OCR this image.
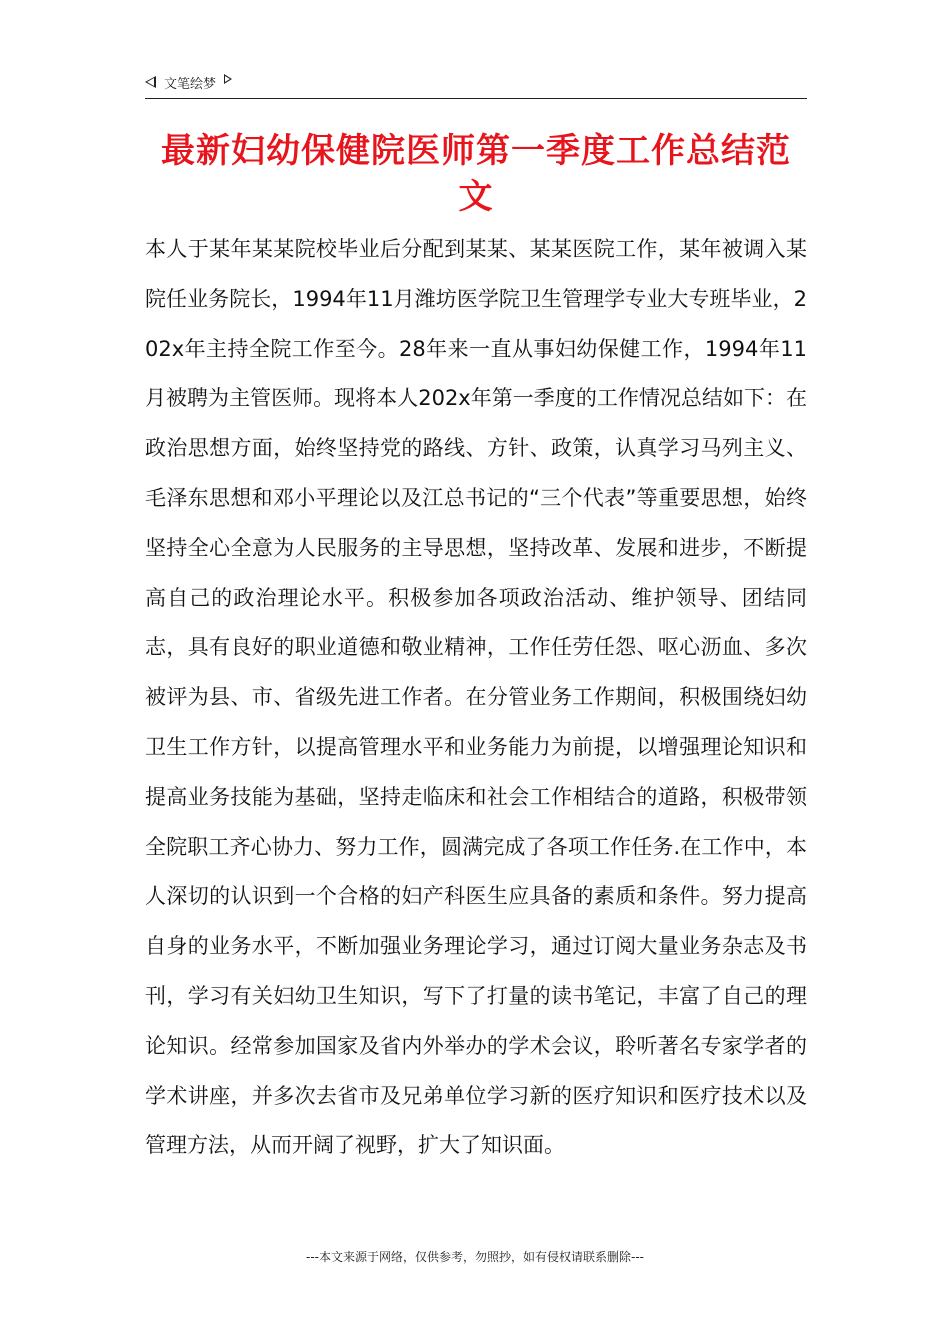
文笔绘梦
最新妇幼保健院医师第一季度工作总结范文

本人于某年某某院校毕业后分配到某某、某某医院工作，某年被调入某院任业务院长，1994年11月潍坊医学院卫生管理学专业大专班毕业，202x年主持全院工作至今。28年来一直从事妇幼保健工作，1994年11月被聘为主管医师。现将本人202x年第一季度的工作情况总结如下：在政治思想方面，始终坚持党的路线、方针、政策，认真学习马列主义、毛泽东思想和邓小平理论以及江总书记的“三个代表”等重要思想，始终坚持全心全意为人民服务的主导思想，坚持改革、发展和进步，不断提高自己的政治理论水平。积极参加各项政治活动、维护领导、团结同志，具有良好的职业道德和敬业精神，工作任劳任怨、呕心沥血、多次被评为县、市、省级先进工作者。在分管业务工作期间，积极围绕妇幼卫生工作方针，以提高管理水平和业务能力为前提，以增强理论知识和提高业务技能为基础，坚持走临床和社会工作相结合的道路，积极带领全院职工齐心协力、努力工作，圆满完成了各项工作任务.在工作中，本人深切的认识到一个合格的妇产科医生应具备的素质和条件。努力提高自身的业务水平，不断加强业务理论学习，通过订阅大量业务杂志及书刊，学习有关妇幼卫生知识，写下了打量的读书笔记，丰富了自己的理论知识。经常参加国家及省内外举办的学术会议，聆听著名专家学者的学术讲座，并多次去省市及兄弟单位学习新的医疗知识和医疗技术以及管理方法，从而开阔了视野，扩大了知识面。

---本文来源于网络，仅供参考，勿照抄，如有侵权请联系删除---
